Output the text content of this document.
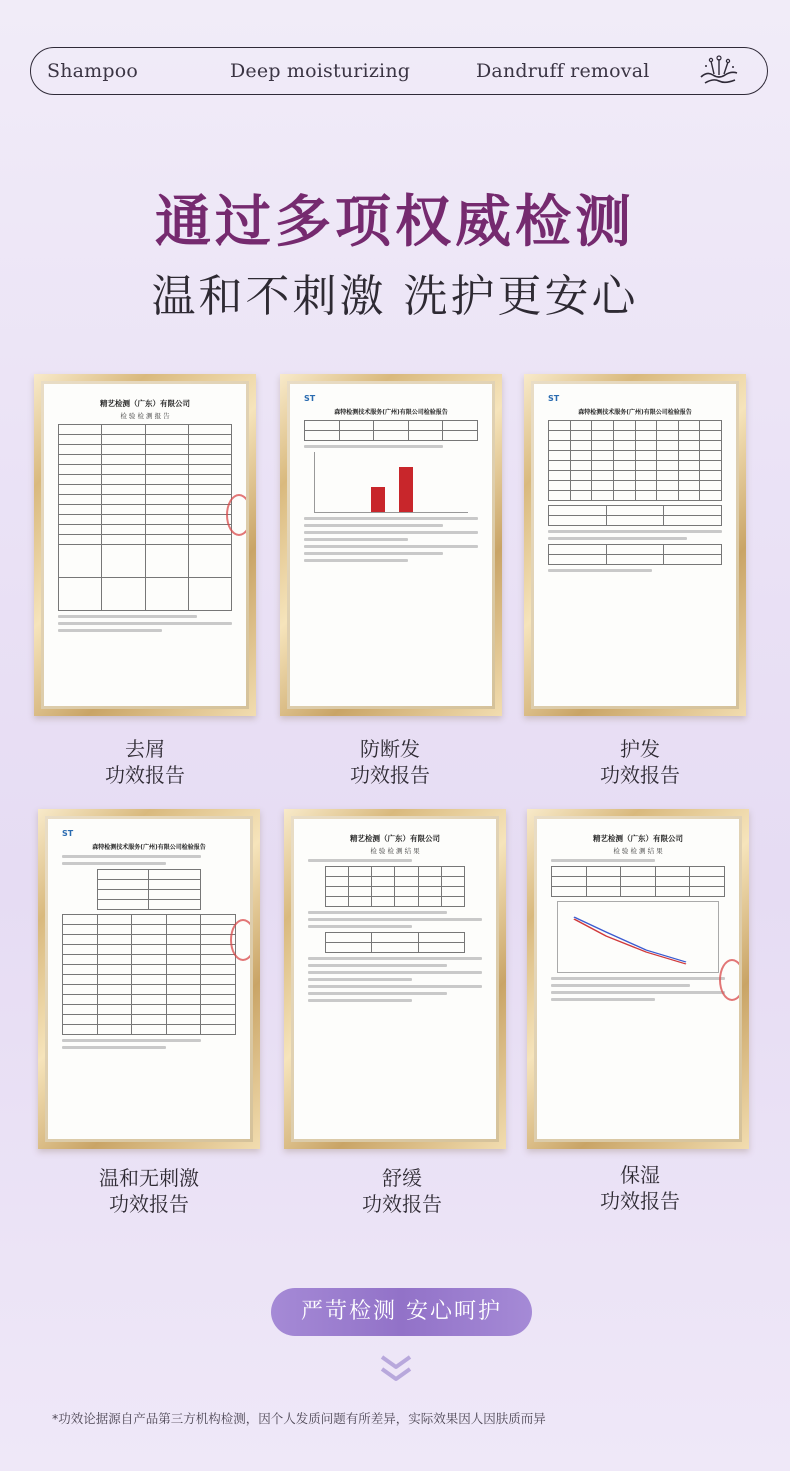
Shampoo	Deep moisturizing	Dandruff removal
通过多项权威检测
温和不刺激 洗护更安心
精艺检测（广东）有限公司
检 验 检 测 报 告

ST
森特检测技术服务(广州)有限公司检验报告

ST
森特检测技术服务(广州)有限公司检验报告

去屑
功效报告
防断发
功效报告
护发
功效报告
ST
森特检测技术服务(广州)有限公司检验报告

精艺检测（广东）有限公司
检 验 检 测 结 果

精艺检测（广东）有限公司
检 验 检 测 结 果

温和无刺激
功效报告
舒缓
功效报告
保湿
功效报告
严苛检测 安心呵护
*功效论据源自产品第三方机构检测，因个人发质问题有所差异，实际效果因人因肤质而异
